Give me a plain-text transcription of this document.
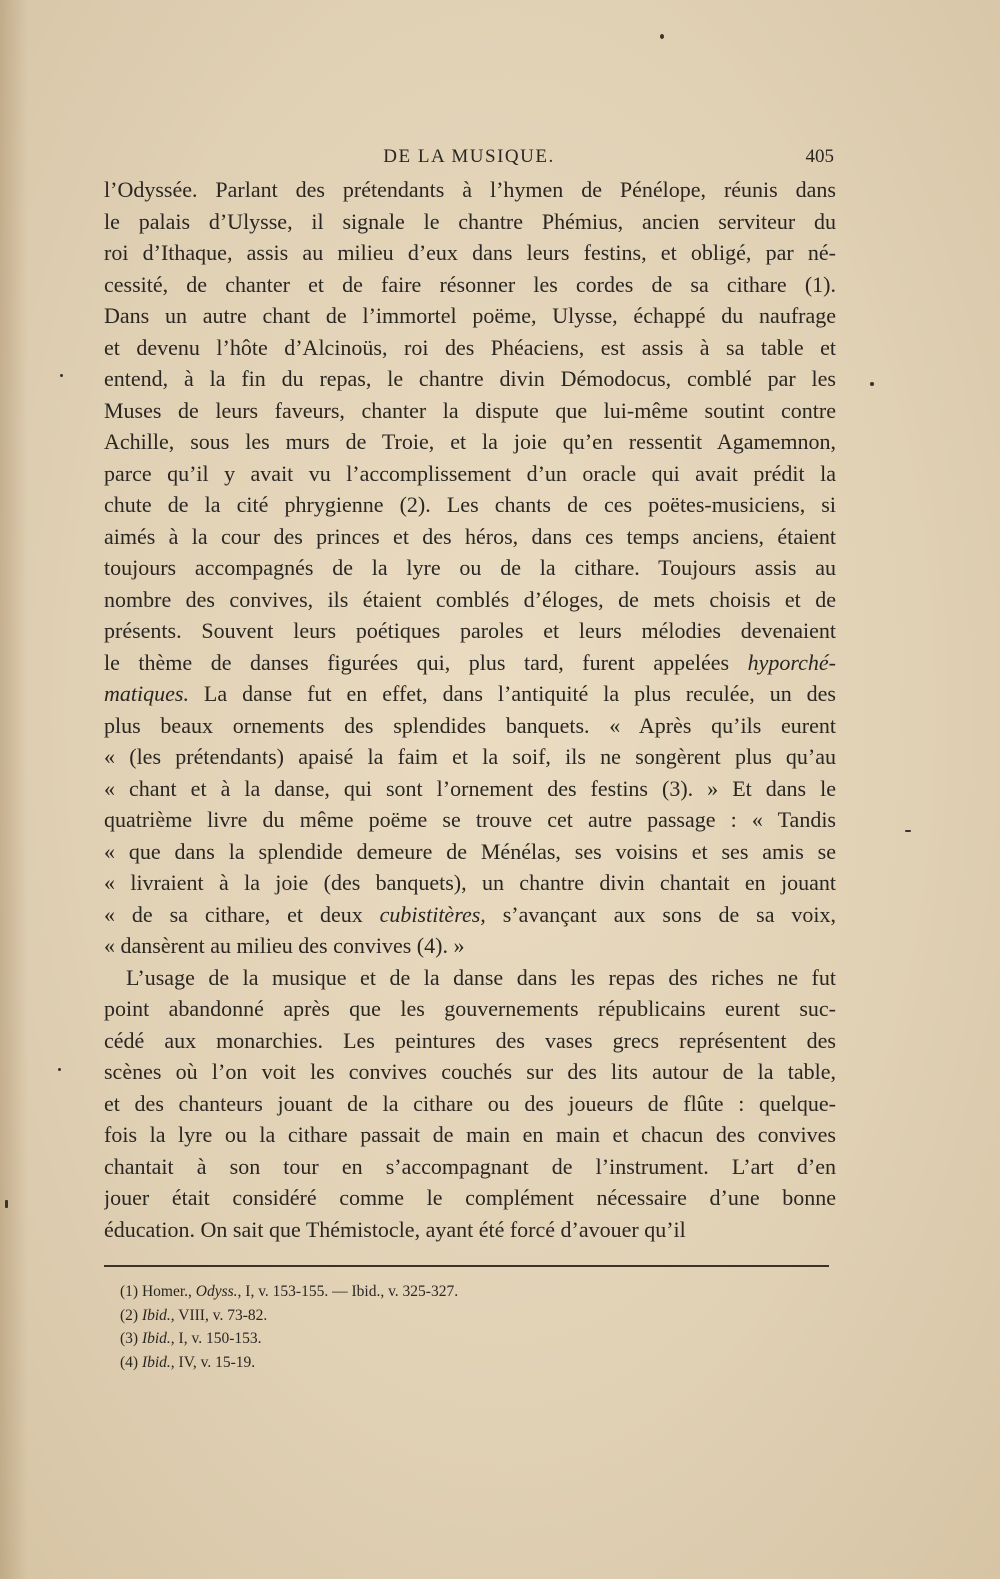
DE LA MUSIQUE.	405
l’Odyssée. Parlant des prétendants à l’hymen de Pénélope, réunis dans
le palais d’Ulysse, il signale le chantre Phémius, ancien serviteur du
roi d’Ithaque, assis au milieu d’eux dans leurs festins, et obligé, par né-
cessité, de chanter et de faire résonner les cordes de sa cithare (1).
Dans un autre chant de l’immortel poëme, Ulysse, échappé du naufrage
et devenu l’hôte d’Alcinoüs, roi des Phéaciens, est assis à sa table et
entend, à la fin du repas, le chantre divin Démodocus, comblé par les
Muses de leurs faveurs, chanter la dispute que lui-même soutint contre
Achille, sous les murs de Troie, et la joie qu’en ressentit Agamemnon,
parce qu’il y avait vu l’accomplissement d’un oracle qui avait prédit la
chute de la cité phrygienne (2). Les chants de ces poëtes-musiciens, si
aimés à la cour des princes et des héros, dans ces temps anciens, étaient
toujours accompagnés de la lyre ou de la cithare. Toujours assis au
nombre des convives, ils étaient comblés d’éloges, de mets choisis et de
présents. Souvent leurs poétiques paroles et leurs mélodies devenaient
le thème de danses figurées qui, plus tard, furent appelées hyporché-
matiques. La danse fut en effet, dans l’antiquité la plus reculée, un des
plus beaux ornements des splendides banquets. « Après qu’ils eurent
« (les prétendants) apaisé la faim et la soif, ils ne songèrent plus qu’au
« chant et à la danse, qui sont l’ornement des festins (3). » Et dans le
quatrième livre du même poëme se trouve cet autre passage : « Tandis
« que dans la splendide demeure de Ménélas, ses voisins et ses amis se
« livraient à la joie (des banquets), un chantre divin chantait en jouant
« de sa cithare, et deux cubistitères, s’avançant aux sons de sa voix,
« dansèrent au milieu des convives (4). »
L’usage de la musique et de la danse dans les repas des riches ne fut
point abandonné après que les gouvernements républicains eurent suc-
cédé aux monarchies. Les peintures des vases grecs représentent des
scènes où l’on voit les convives couchés sur des lits autour de la table,
et des chanteurs jouant de la cithare ou des joueurs de flûte : quelque-
fois la lyre ou la cithare passait de main en main et chacun des convives
chantait à son tour en s’accompagnant de l’instrument. L’art d’en
jouer était considéré comme le complément nécessaire d’une bonne
éducation. On sait que Thémistocle, ayant été forcé d’avouer qu’il
(1) Homer., Odyss., I, v. 153-155. — Ibid., v. 325-327.
(2) Ibid., VIII, v. 73-82.
(3) Ibid., I, v. 150-153.
(4) Ibid., IV, v. 15-19.
